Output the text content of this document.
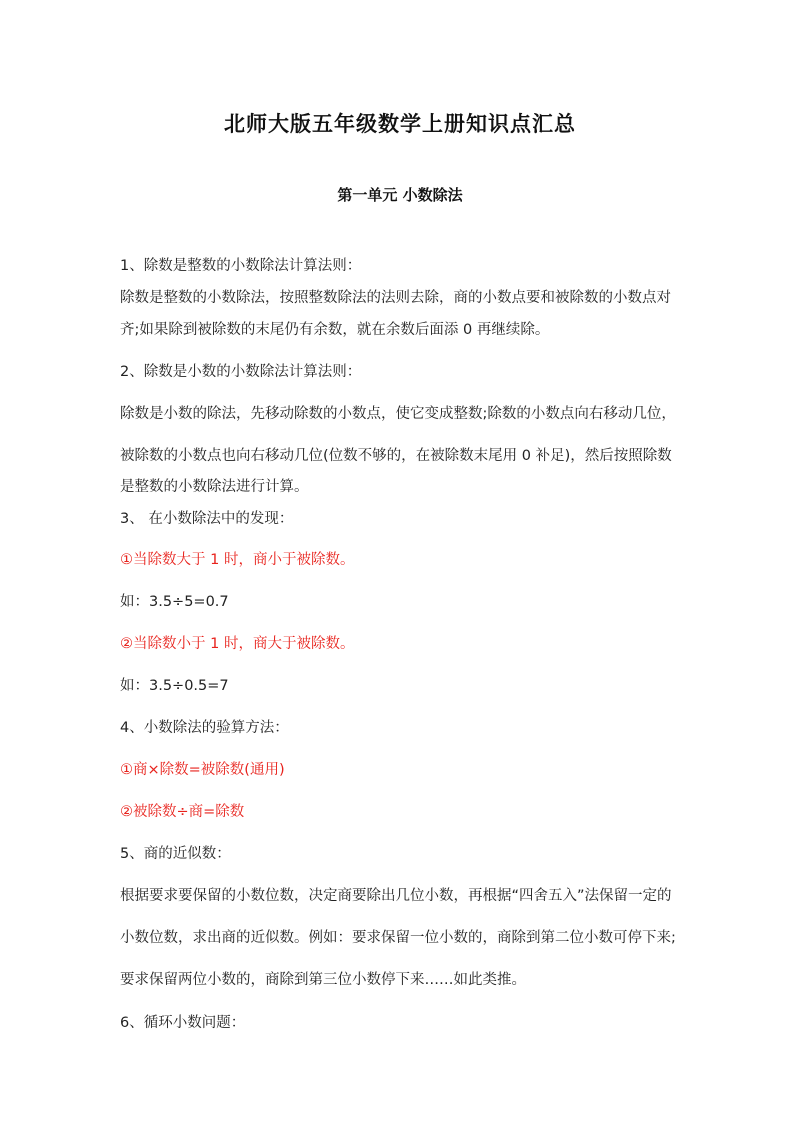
北师大版五年级数学上册知识点汇总
第一单元 小数除法
1、除数是整数的小数除法计算法则：
除数是整数的小数除法，按照整数除法的法则去除，商的小数点要和被除数的小数点对
齐;如果除到被除数的末尾仍有余数，就在余数后面添 0 再继续除。
2、除数是小数的小数除法计算法则：
除数是小数的除法，先移动除数的小数点，使它变成整数;除数的小数点向右移动几位，
被除数的小数点也向右移动几位(位数不够的，在被除数末尾用 0 补足)，然后按照除数
是整数的小数除法进行计算。
3、 在小数除法中的发现：
①当除数大于 1 时，商小于被除数。
如：3.5÷5=0.7
②当除数小于 1 时，商大于被除数。
如：3.5÷0.5=7
4、小数除法的验算方法：
①商×除数=被除数(通用)
②被除数÷商=除数
5、商的近似数：
根据要求要保留的小数位数，决定商要除出几位小数，再根据“四舍五入”法保留一定的
小数位数，求出商的近似数。例如：要求保留一位小数的，商除到第二位小数可停下来;
要求保留两位小数的，商除到第三位小数停下来……如此类推。
6、循环小数问题：
